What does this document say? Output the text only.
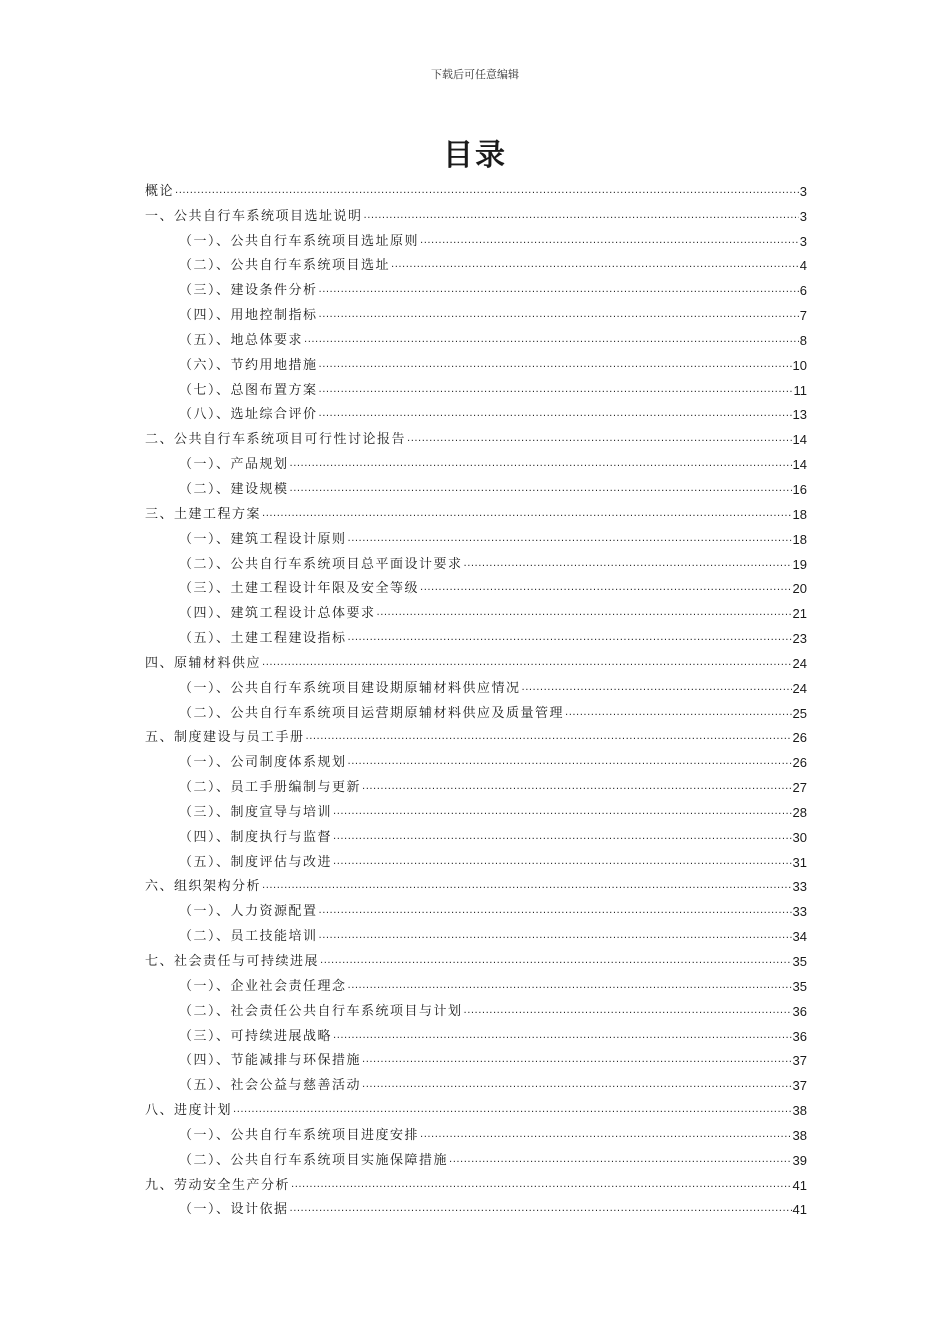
下载后可任意编辑
目录
概论 .....	3
一、公共自行车系统项目选址说明 .....	3
（一）、公共自行车系统项目选址原则 .....	3
（二）、公共自行车系统项目选址 .....	4
（三）、建设条件分析 .....	6
（四）、用地控制指标 .....	7
（五）、地总体要求 .....	8
（六）、节约用地措施 .....	10
（七）、总图布置方案 .....	11
（八）、选址综合评价 .....	13
二、公共自行车系统项目可行性讨论报告 .....	14
（一）、产品规划 .....	14
（二）、建设规模 .....	16
三、土建工程方案 .....	18
（一）、建筑工程设计原则 .....	18
（二）、公共自行车系统项目总平面设计要求 .....	19
（三）、土建工程设计年限及安全等级 .....	20
（四）、建筑工程设计总体要求 .....	21
（五）、土建工程建设指标 .....	23
四、原辅材料供应 .....	24
（一）、公共自行车系统项目建设期原辅材料供应情况 .....	24
（二）、公共自行车系统项目运营期原辅材料供应及质量管理 .....	25
五、制度建设与员工手册 .....	26
（一）、公司制度体系规划 .....	26
（二）、员工手册编制与更新 .....	27
（三）、制度宣导与培训 .....	28
（四）、制度执行与监督 .....	30
（五）、制度评估与改进 .....	31
六、组织架构分析 .....	33
（一）、人力资源配置 .....	33
（二）、员工技能培训 .....	34
七、社会责任与可持续进展 .....	35
（一）、企业社会责任理念 .....	35
（二）、社会责任公共自行车系统项目与计划 .....	36
（三）、可持续进展战略 .....	36
（四）、节能减排与环保措施 .....	37
（五）、社会公益与慈善活动 .....	37
八、进度计划 .....	38
（一）、公共自行车系统项目进度安排 .....	38
（二）、公共自行车系统项目实施保障措施 .....	39
九、劳动安全生产分析 .....	41
（一）、设计依据 .....	41
